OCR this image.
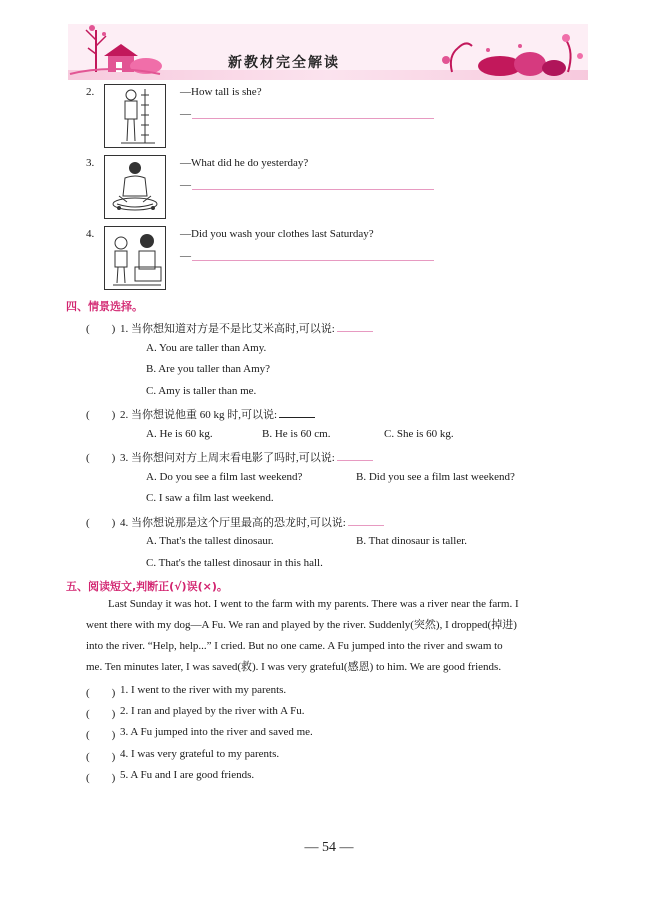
新教材完全解读
2.	—How tall is she?
—
3.	—What did he do yesterday?
—
4.	—Did you wash your clothes last Saturday?
—
四、情景选择。
(　　) 1. 当你想知道对方是不是比艾米高时,可以说:
A. You are taller than Amy.
B. Are you taller than Amy?
C. Amy is taller than me.
(　　) 2. 当你想说他重 60 kg 时,可以说:
A. He is 60 kg.	B. He is 60 cm.	C. She is 60 kg.
(　　) 3. 当你想问对方上周末看电影了吗时,可以说:
A. Do you see a film last weekend?	B. Did you see a film last weekend?
C. I saw a film last weekend.
(　　) 4. 当你想说那是这个厅里最高的恐龙时,可以说:
A. That's the tallest dinosaur.	B. That dinosaur is taller.
C. That's the tallest dinosaur in this hall.
五、阅读短文,判断正(√)误(×)。
Last Sunday it was hot. I went to the farm with my parents. There was a river near the farm. I
went there with my dog—A Fu. We ran and played by the river. Suddenly(突然), I dropped(掉进)
into the river. “Help, help...” I cried. But no one came. A Fu jumped into the river and swam to
me. Ten minutes later, I was saved(救). I was very grateful(感恩) to him. We are good friends.
(　　) 1. I went to the river with my parents.
(　　) 2. I ran and played by the river with A Fu.
(　　) 3. A Fu jumped into the river and saved me.
(　　) 4. I was very grateful to my parents.
(　　) 5. A Fu and I are good friends.
— 54 —
